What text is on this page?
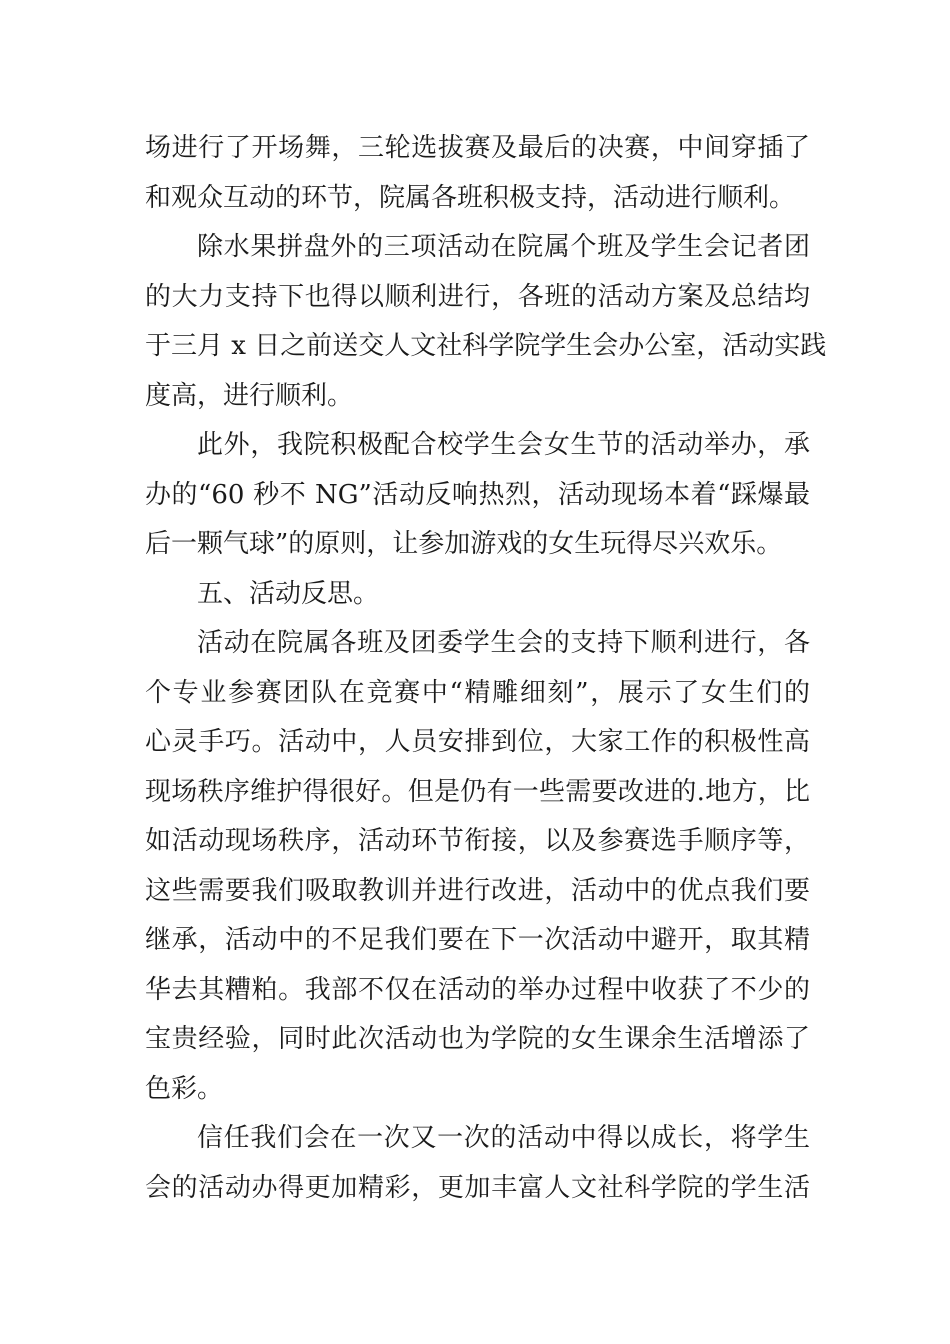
场进行了开场舞，三轮选拔赛及最后的决赛，中间穿插了
和观众互动的环节，院属各班积极支持，活动进行顺利。
除水果拼盘外的三项活动在院属个班及学生会记者团
的大力支持下也得以顺利进行，各班的活动方案及总结均
于三月 x 日之前送交人文社科学院学生会办公室，活动实践
度高，进行顺利。
此外，我院积极配合校学生会女生节的活动举办，承
办的“60 秒不 NG”活动反响热烈，活动现场本着“踩爆最
后一颗气球”的原则，让参加游戏的女生玩得尽兴欢乐。
五、活动反思。
活动在院属各班及团委学生会的支持下顺利进行，各
个专业参赛团队在竞赛中“精雕细刻”，展示了女生们的
心灵手巧。活动中，人员安排到位，大家工作的积极性高
现场秩序维护得很好。但是仍有一些需要改进的.地方，比
如活动现场秩序，活动环节衔接，以及参赛选手顺序等，
这些需要我们吸取教训并进行改进，活动中的优点我们要
继承，活动中的不足我们要在下一次活动中避开，取其精
华去其糟粕。我部不仅在活动的举办过程中收获了不少的
宝贵经验，同时此次活动也为学院的女生课余生活增添了
色彩。
信任我们会在一次又一次的活动中得以成长，将学生
会的活动办得更加精彩，更加丰富人文社科学院的学生活
